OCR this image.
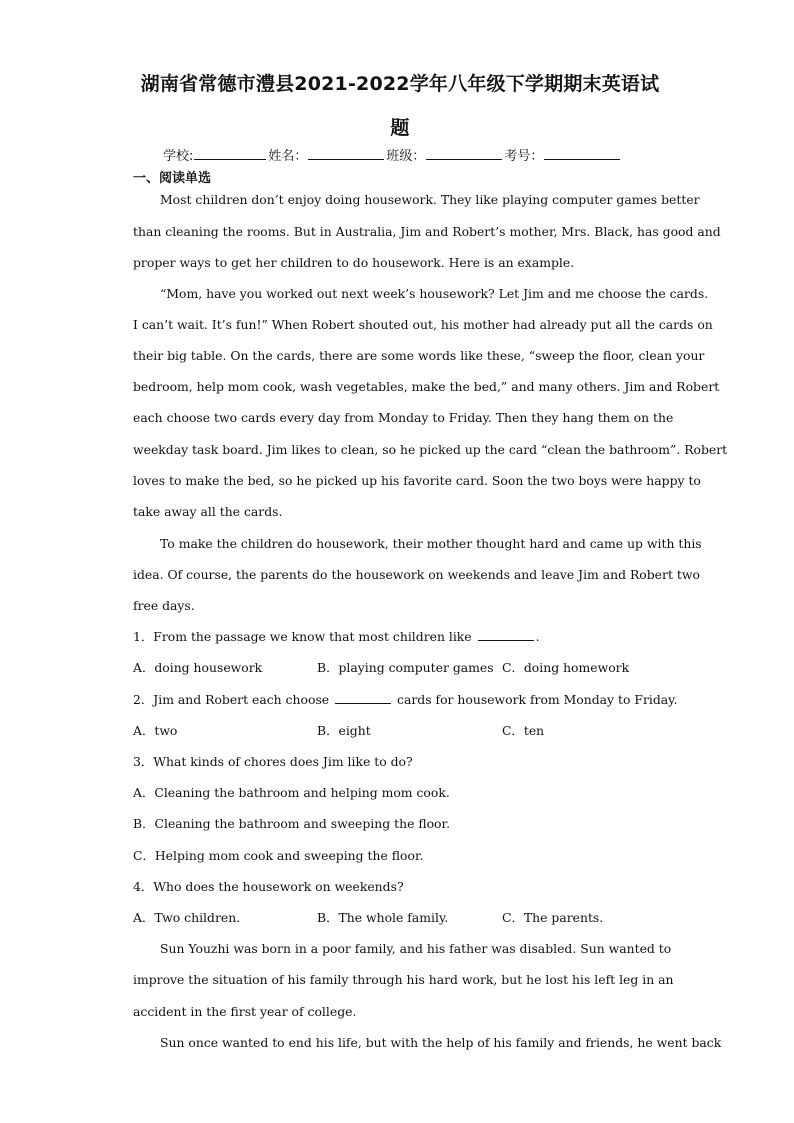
湖南省常德市澧县2021-2022学年八年级下学期期末英语试
题
学校:	姓名：	班级：	考号：
一、阅读单选
Most children don’t enjoy doing housework. They like playing computer games better
than cleaning the rooms. But in Australia, Jim and Robert’s mother, Mrs. Black, has good and
proper ways to get her children to do housework. Here is an example.
“Mom, have you worked out next week’s housework? Let Jim and me choose the cards.
I can’t wait. It’s fun!” When Robert shouted out, his mother had already put all the cards on
their big table. On the cards, there are some words like these, “sweep the floor, clean your
bedroom, help mom cook, wash vegetables, make the bed,” and many others. Jim and Robert
each choose two cards every day from Monday to Friday. Then they hang them on the
weekday task board. Jim likes to clean, so he picked up the card “clean the bathroom”. Robert
loves to make the bed, so he picked up his favorite card. Soon the two boys were happy to
take away all the cards.
To make the children do housework, their mother thought hard and came up with this
idea. Of course, the parents do the housework on weekends and leave Jim and Robert two
free days.
1．From the passage we know that most children like	.
A．doing housework	B．playing computer games C．doing homework
2．Jim and Robert each choose	cards for housework from Monday to Friday.
A．two	B．eight	C．ten
3．What kinds of chores does Jim like to do?
A．Cleaning the bathroom and helping mom cook.
B．Cleaning the bathroom and sweeping the floor.
C．Helping mom cook and sweeping the floor.
4．Who does the housework on weekends?
A．Two children.	B．The whole family.	C．The parents.
Sun Youzhi was born in a poor family, and his father was disabled. Sun wanted to
improve the situation of his family through his hard work, but he lost his left leg in an
accident in the first year of college.
Sun once wanted to end his life, but with the help of his family and friends, he went back
